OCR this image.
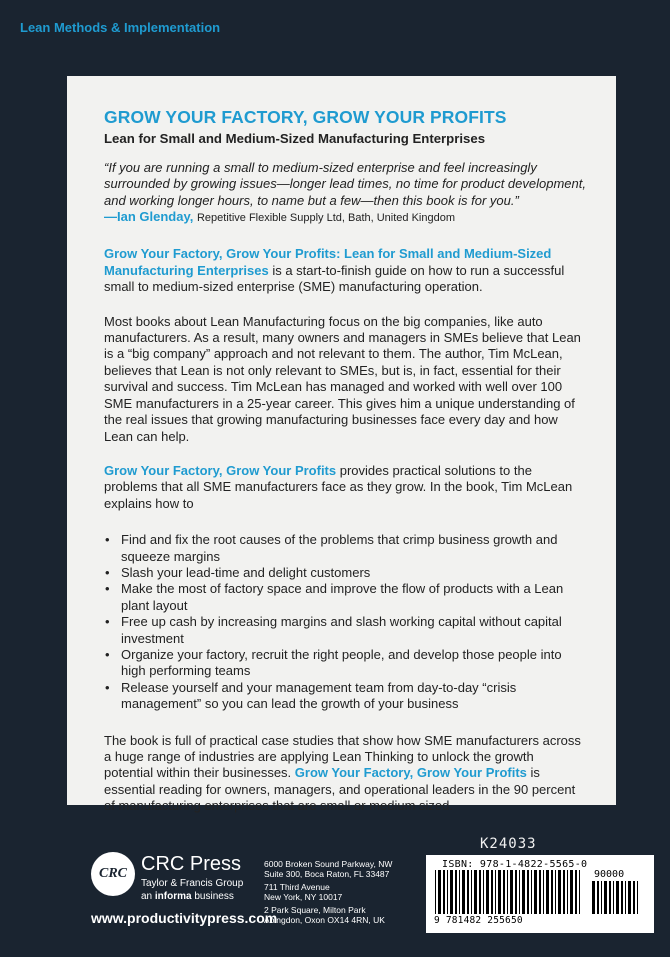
Lean Methods & Implementation
GROW YOUR FACTORY, GROW YOUR PROFITS
Lean for Small and Medium-Sized Manufacturing Enterprises
“If you are running a small to medium-sized enterprise and feel increasingly surrounded by growing issues—longer lead times, no time for product development, and working longer hours, to name but a few—then this book is for you.”
—Ian Glenday, Repetitive Flexible Supply Ltd, Bath, United Kingdom

Grow Your Factory, Grow Your Profits: Lean for Small and Medium-Sized Manufacturing Enterprises is a start-to-finish guide on how to run a successful small to medium-sized enterprise (SME) manufacturing operation.

Most books about Lean Manufacturing focus on the big companies, like auto manufacturers. As a result, many owners and managers in SMEs believe that Lean is a “big company” approach and not relevant to them. The author, Tim McLean, believes that Lean is not only relevant to SMEs, but is, in fact, essential for their survival and success. Tim McLean has managed and worked with well over 100 SME manufacturers in a 25-year career. This gives him a unique understanding of the real issues that growing manufacturing businesses face every day and how Lean can help.

Grow Your Factory, Grow Your Profits provides practical solutions to the problems that all SME manufacturers face as they grow. In the book, Tim McLean explains how to

• Find and fix the root causes of the problems that crimp business growth and squeeze margins
• Slash your lead-time and delight customers
• Make the most of factory space and improve the flow of products with a Lean plant layout
• Free up cash by increasing margins and slash working capital without capital investment
• Organize your factory, recruit the right people, and develop those people into high performing teams
• Release yourself and your management team from day-to-day “crisis management” so you can lead the growth of your business

The book is full of practical case studies that show how SME manufacturers across a huge range of industries are applying Lean Thinking to unlock the growth potential within their businesses. Grow Your Factory, Grow Your Profits is essential reading for owners, managers, and operational leaders in the 90 percent of manufacturing enterprises that are small or medium sized.

K24033
CRC CRC Press
Taylor & Francis Group
an informa business
6000 Broken Sound Parkway, NW
Suite 300, Boca Raton, FL 33487
711 Third Avenue
New York, NY 10017
2 Park Square, Milton Park
Abingdon, Oxon OX14 4RN, UK
www.productivitypress.com
ISBN: 978-1-4822-5565-0
90000
9 781482 255650
